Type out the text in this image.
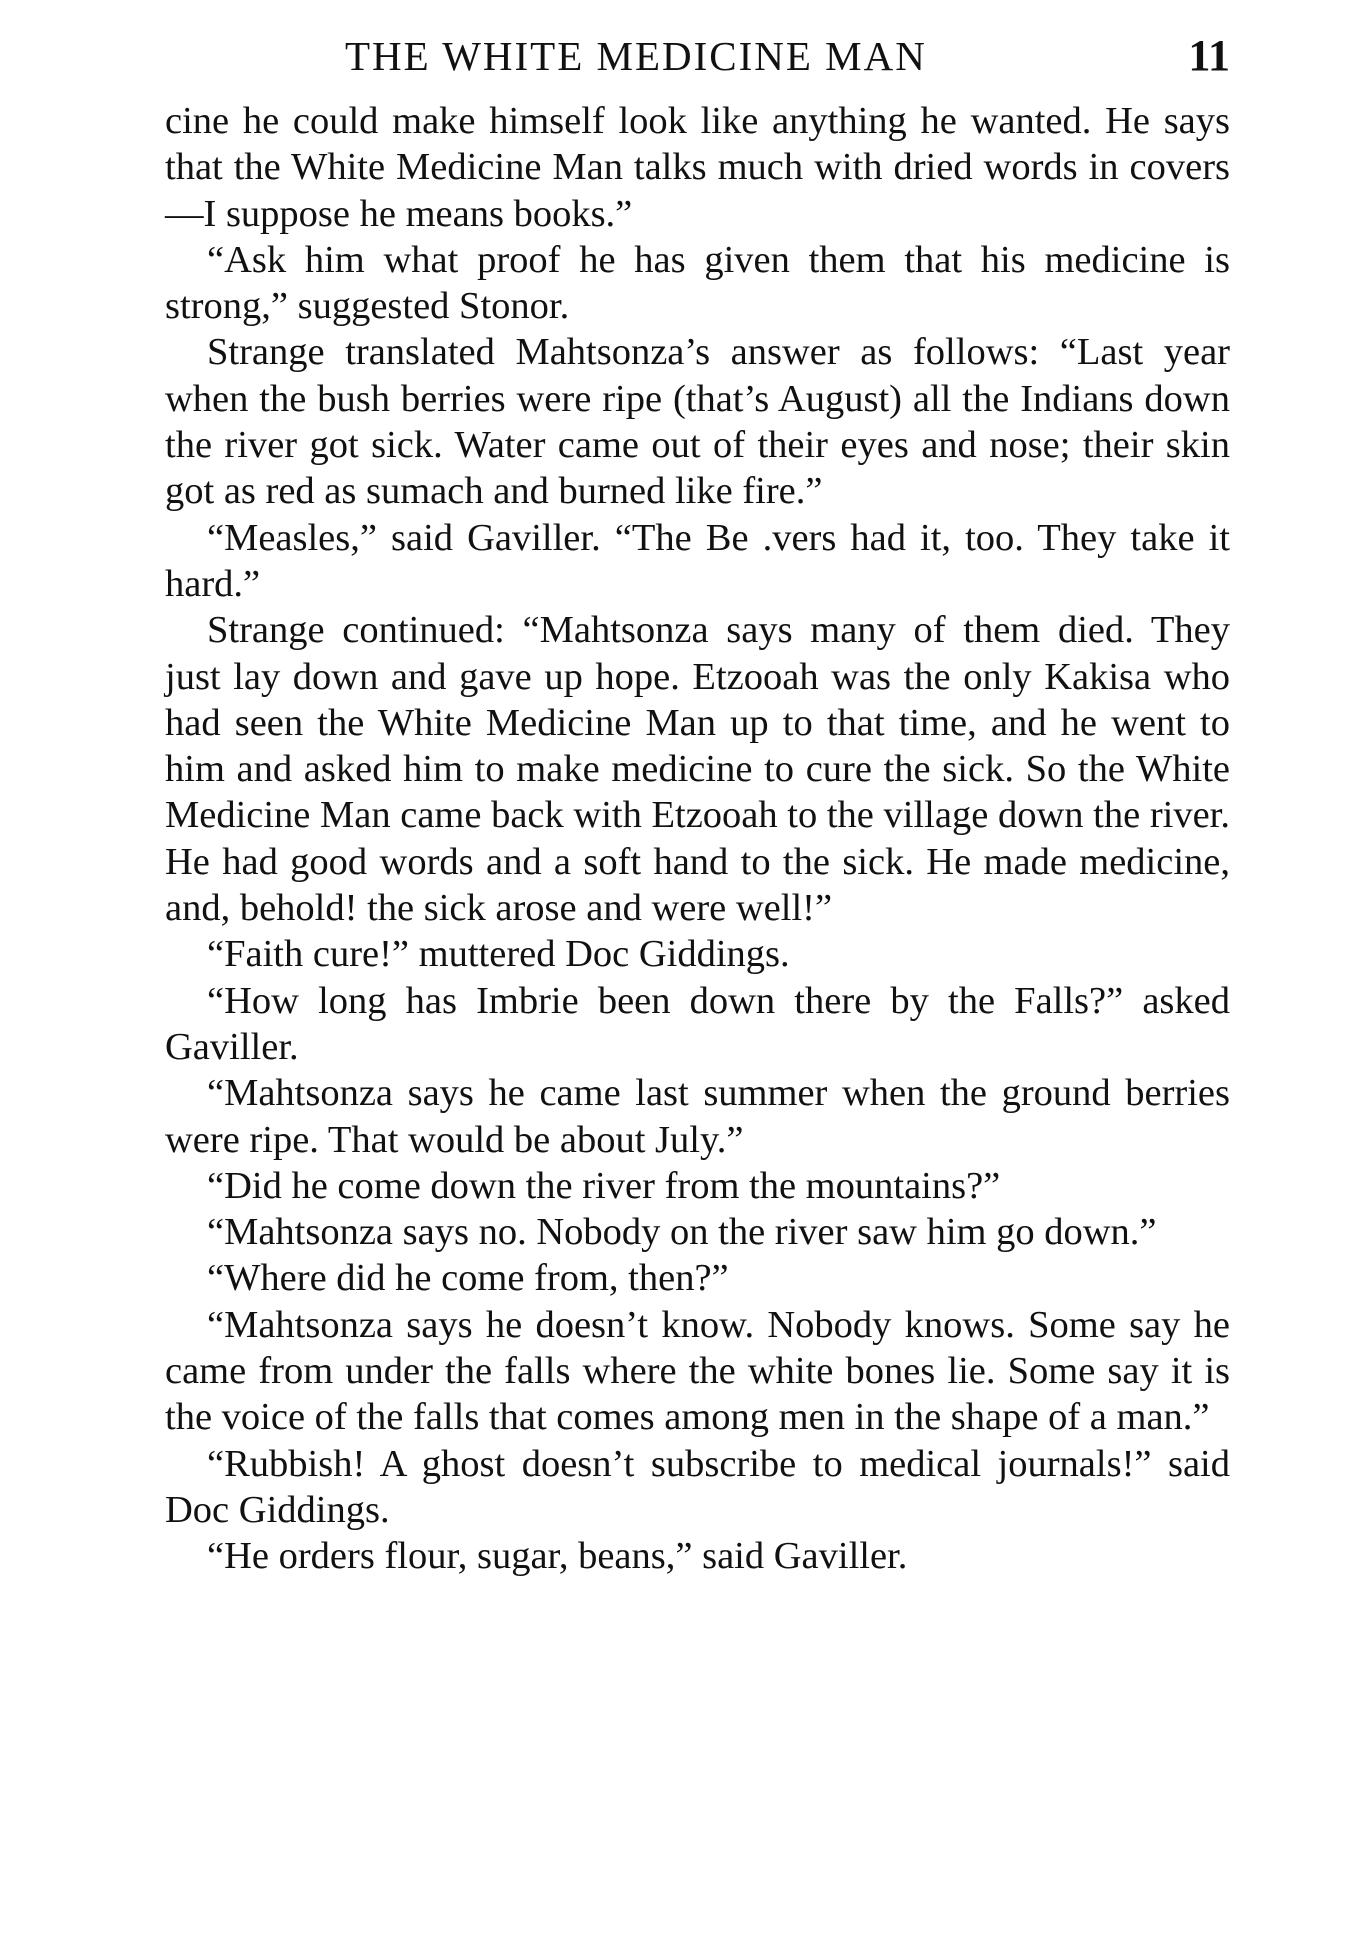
THE WHITE MEDICINE MAN	11

cine he could make himself look like anything he wanted. He says that the White Medicine Man talks much with dried words in covers—I suppose he means books.”

“Ask him what proof he has given them that his medicine is strong,” suggested Stonor.

Strange translated Mahtsonza’s answer as follows: “Last year when the bush berries were ripe (that’s August) all the Indians down the river got sick. Water came out of their eyes and nose; their skin got as red as sumach and burned like fire.”

“Measles,” said Gaviller. “The Be .vers had it, too. They take it hard.”

Strange continued: “Mahtsonza says many of them died. They just lay down and gave up hope. Etzooah was the only Kakisa who had seen the White Medicine Man up to that time, and he went to him and asked him to make medicine to cure the sick. So the White Medicine Man came back with Etzooah to the village down the river. He had good words and a soft hand to the sick. He made medicine, and, behold! the sick arose and were well!”

“Faith cure!” muttered Doc Giddings.

“How long has Imbrie been down there by the Falls?” asked Gaviller.

“Mahtsonza says he came last summer when the ground berries were ripe. That would be about July.”

“Did he come down the river from the mountains?”

“Mahtsonza says no. Nobody on the river saw him go down.”

“Where did he come from, then?”

“Mahtsonza says he doesn’t know. Nobody knows. Some say he came from under the falls where the white bones lie. Some say it is the voice of the falls that comes among men in the shape of a man.”

“Rubbish! A ghost doesn’t subscribe to medical journals!” said Doc Giddings.

“He orders flour, sugar, beans,” said Gaviller.
